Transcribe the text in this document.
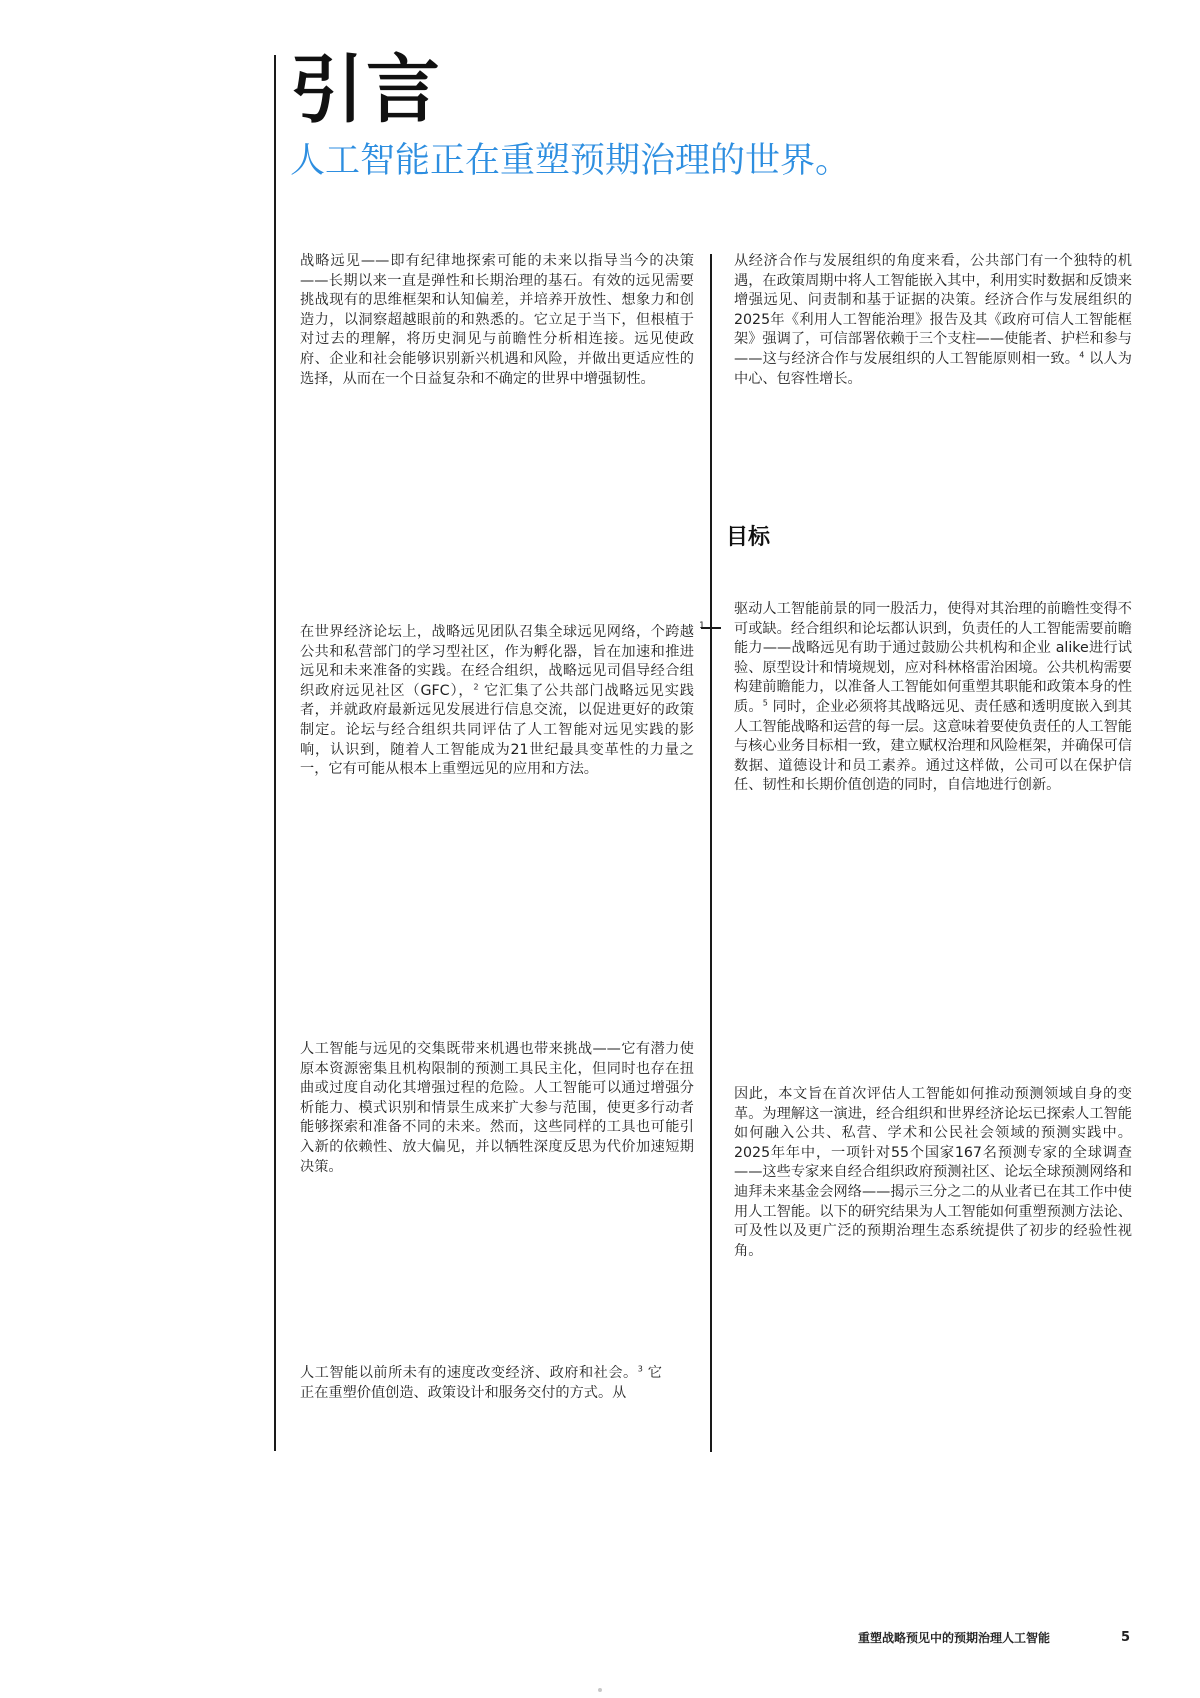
1
引言
人工智能正在重塑预期治理的世界。

战略远见——即有纪律地探索可能的未来以指导当今的决策——长期以来一直是弹性和长期治理的基石。有效的远见需要挑战现有的思维框架和认知偏差，并培养开放性、想象力和创造力，以洞察超越眼前的和熟悉的。它立足于当下，但根植于对过去的理解，将历史洞见与前瞻性分析相连接。远见使政府、企业和社会能够识别新兴机遇和风险，并做出更适应性的选择，从而在一个日益复杂和不确定的世界中增强韧性。

在世界经济论坛上，战略远见团队召集全球远见网络，个跨越公共和私营部门的学习型社区，作为孵化器，旨在加速和推进远见和未来准备的实践。在经合组织，战略远见司倡导经合组织政府远见社区（GFC），$^2$ 它汇集了公共部门战略远见实践者，并就政府最新远见发展进行信息交流，以促进更好的政策制定。论坛与经合组织共同评估了人工智能对远见实践的影响，认识到，随着人工智能成为21世纪最具变革性的力量之一，它有可能从根本上重塑远见的应用和方法。

人工智能与远见的交集既带来机遇也带来挑战——它有潜力使原本资源密集且机构限制的预测工具民主化，但同时也存在扭曲或过度自动化其增强过程的危险。人工智能可以通过增强分析能力、模式识别和情景生成来扩大参与范围，使更多行动者能够探索和准备不同的未来。然而，这些同样的工具也可能引入新的依赖性、放大偏见，并以牺牲深度反思为代价加速短期决策。

人工智能以前所未有的速度改变经济、政府和社会。$^3$ 它正在重塑价值创造、政策设计和服务交付的方式。从

从经济合作与发展组织的角度来看，公共部门有一个独特的机遇，在政策周期中将人工智能嵌入其中，利用实时数据和反馈来增强远见、问责制和基于证据的决策。经济合作与发展组织的2025年《利用人工智能治理》报告及其《政府可信人工智能框架》强调了，可信部署依赖于三个支柱——使能者、护栏和参与——这与经济合作与发展组织的人工智能原则相一致。$^4$ 以人为中心、包容性增长。

目标

驱动人工智能前景的同一股活力，使得对其治理的前瞻性变得不可或缺。经合组织和论坛都认识到，负责任的人工智能需要前瞻能力——战略远见有助于通过鼓励公共机构和企业 alike进行试验、原型设计和情境规划，应对科林格雷治困境。公共机构需要构建前瞻能力，以准备人工智能如何重塑其职能和政策本身的性质。$^5$ 同时，企业必须将其战略远见、责任感和透明度嵌入到其人工智能战略和运营的每一层。这意味着要使负责任的人工智能与核心业务目标相一致，建立赋权治理和风险框架，并确保可信数据、道德设计和员工素养。通过这样做，公司可以在保护信任、韧性和长期价值创造的同时，自信地进行创新。

因此，本文旨在首次评估人工智能如何推动预测领域自身的变革。为理解这一演进，经合组织和世界经济论坛已探索人工智能如何融入公共、私营、学术和公民社会领域的预测实践中。2025年年中，一项针对55个国家167名预测专家的全球调查——这些专家来自经合组织政府预测社区、论坛全球预测网络和迪拜未来基金会网络——揭示三分之二的从业者已在其工作中使用人工智能。以下的研究结果为人工智能如何重塑预测方法论、可及性以及更广泛的预期治理生态系统提供了初步的经验性视角。

重塑战略预见中的预期治理人工智能	5
